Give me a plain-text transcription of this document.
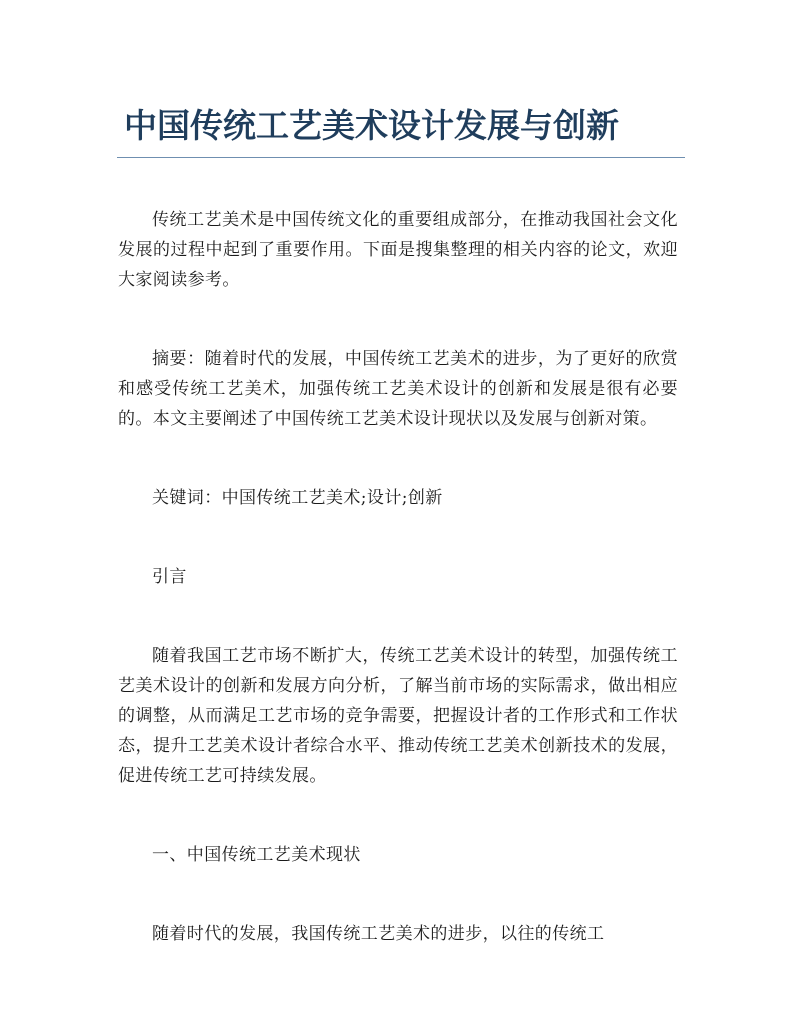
中国传统工艺美术设计发展与创新

传统工艺美术是中国传统文化的重要组成部分，在推动我国社会文化发展的过程中起到了重要作用。下面是搜集整理的相关内容的论文，欢迎大家阅读参考。

摘要：随着时代的发展，中国传统工艺美术的进步，为了更好的欣赏和感受传统工艺美术，加强传统工艺美术设计的创新和发展是很有必要的。本文主要阐述了中国传统工艺美术设计现状以及发展与创新对策。

关键词：中国传统工艺美术;设计;创新

引言

随着我国工艺市场不断扩大，传统工艺美术设计的转型，加强传统工艺美术设计的创新和发展方向分析，了解当前市场的实际需求，做出相应的调整，从而满足工艺市场的竞争需要，把握设计者的工作形式和工作状态，提升工艺美术设计者综合水平、推动传统工艺美术创新技术的发展，促进传统工艺可持续发展。

一、中国传统工艺美术现状

随着时代的发展，我国传统工艺美术的进步，以往的传统工
